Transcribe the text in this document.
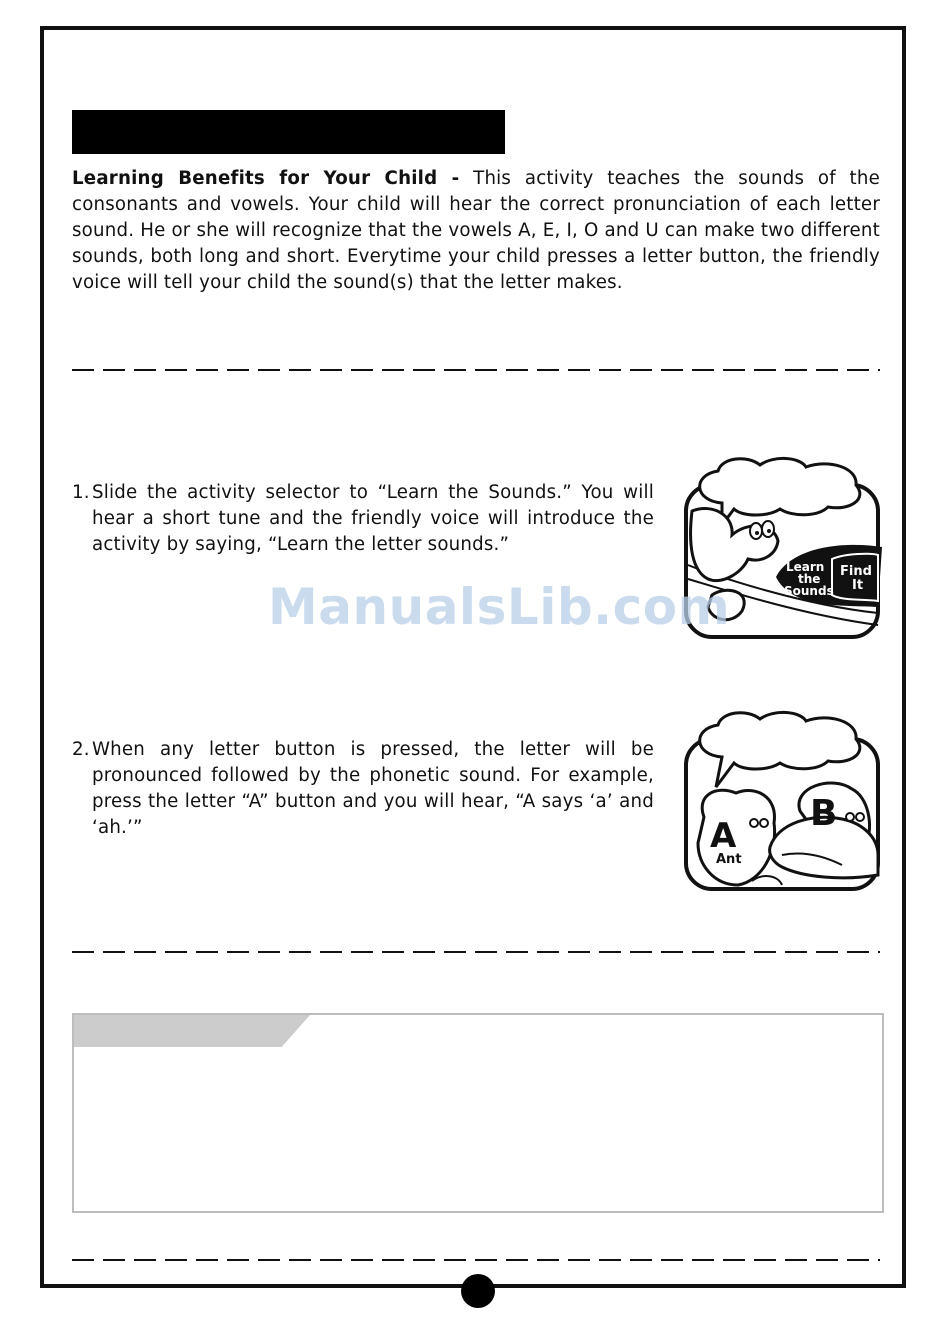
Learning Benefits for Your Child - This activity teaches the sounds of the consonants and vowels. Your child will hear the correct pronunciation of each letter sound. He or she will recognize that the vowels A, E, I, O and U can make two different sounds, both long and short. Everytime your child presses a letter button, the friendly voice will tell your child the sound(s) that the letter makes.

1. Slide the activity selector to “Learn the Sounds.” You will hear a short tune and the friendly voice will introduce the activity by saying, “Learn the letter sounds.”
Learn
the
Sounds
Find
It
ManualsLib.com
2. When any letter button is pressed, the letter will be pronounced followed by the phonetic sound. For example, press the letter “A” button and you will hear, “A says ‘a’ and ‘ah.’”	A
Ant
B
